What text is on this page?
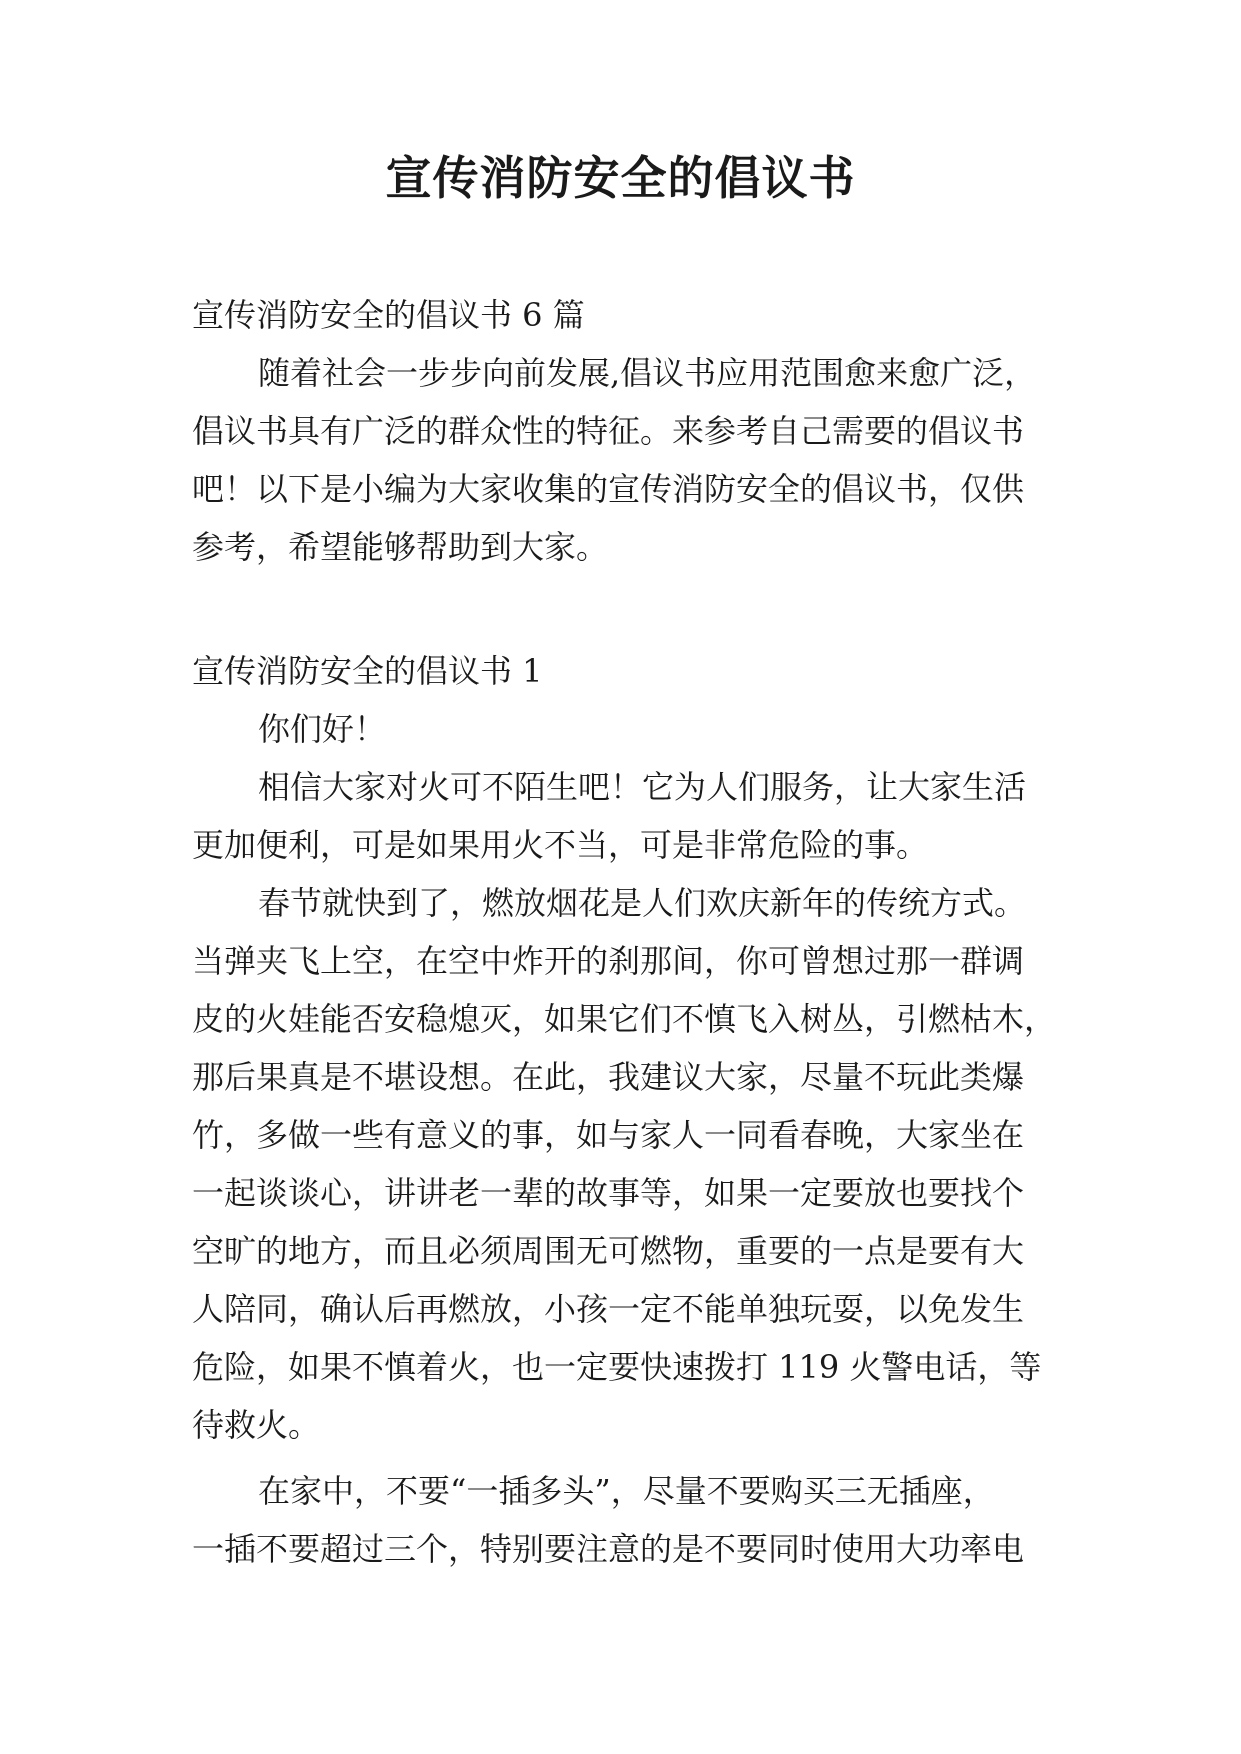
宣传消防安全的倡议书
宣传消防安全的倡议书 6 篇
随着社会一步步向前发展,倡议书应用范围愈来愈广泛，
倡议书具有广泛的群众性的特征。来参考自己需要的倡议书
吧！以下是小编为大家收集的宣传消防安全的倡议书，仅供
参考，希望能够帮助到大家。
宣传消防安全的倡议书 1
你们好！
相信大家对火可不陌生吧！它为人们服务，让大家生活
更加便利，可是如果用火不当，可是非常危险的事。
春节就快到了，燃放烟花是人们欢庆新年的传统方式。
当弹夹飞上空，在空中炸开的刹那间，你可曾想过那一群调
皮的火娃能否安稳熄灭，如果它们不慎飞入树丛，引燃枯木，
那后果真是不堪设想。在此，我建议大家，尽量不玩此类爆
竹，多做一些有意义的事，如与家人一同看春晚，大家坐在
一起谈谈心，讲讲老一辈的故事等，如果一定要放也要找个
空旷的地方，而且必须周围无可燃物，重要的一点是要有大
人陪同，确认后再燃放，小孩一定不能单独玩耍，以免发生
危险，如果不慎着火，也一定要快速拨打 119 火警电话，等
待救火。
在家中，不要“一插多头”，尽量不要购买三无插座，
一插不要超过三个，特别要注意的是不要同时使用大功率电
